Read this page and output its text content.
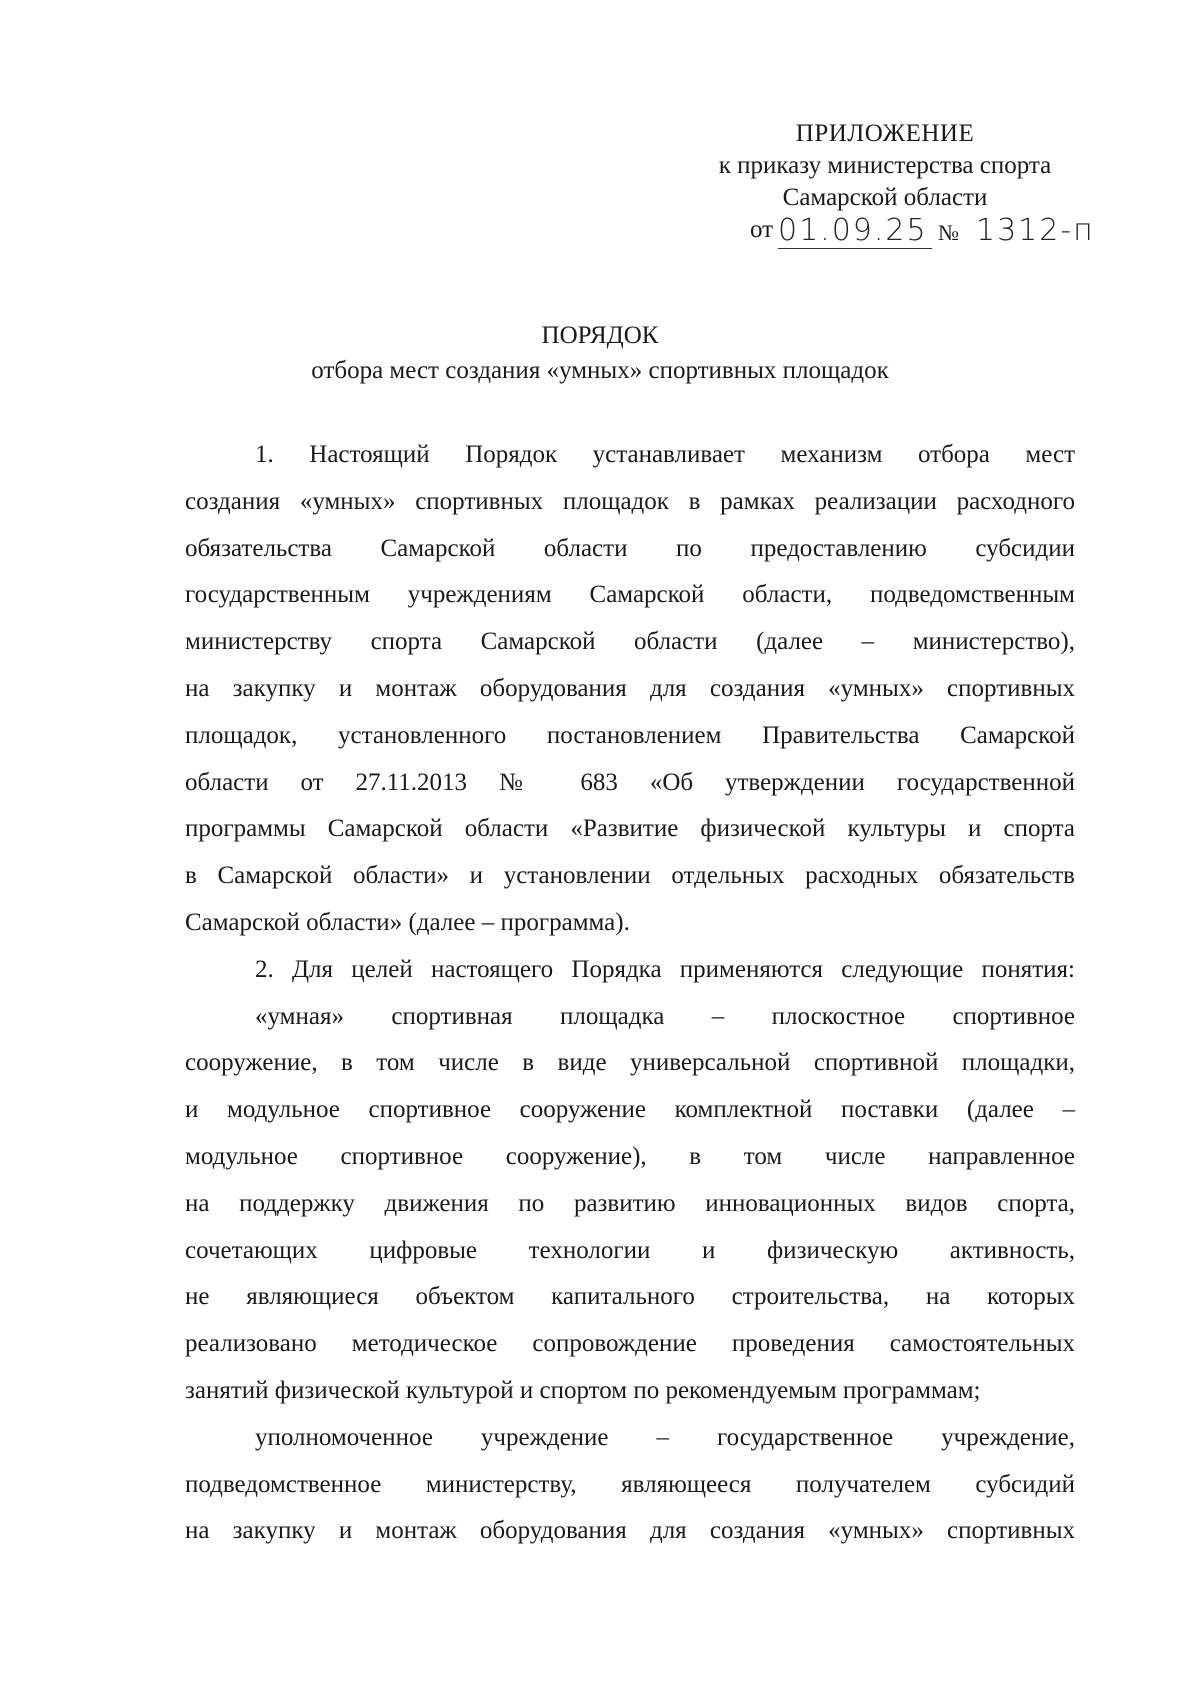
ПРИЛОЖЕНИЕ
к приказу министерства спорта
Самарской области
от 01.09.25 № 1312-п
ПОРЯДОК
отбора мест создания «умных» спортивных площадок
1. Настоящий Порядок устанавливает механизм отбора мест
создания «умных» спортивных площадок в рамках реализации расходного
обязательства Самарской области по предоставлению субсидии
государственным учреждениям Самарской области, подведомственным
министерству спорта Самарской области (далее – министерство),
на закупку и монтаж оборудования для создания «умных» спортивных
площадок, установленного постановлением Правительства Самарской
области от 27.11.2013 № 683 «Об утверждении государственной
программы Самарской области «Развитие физической культуры и спорта
в Самарской области» и установлении отдельных расходных обязательств
Самарской области» (далее – программа).
2. Для целей настоящего Порядка применяются следующие понятия:
«умная» спортивная площадка – плоскостное спортивное
сооружение, в том числе в виде универсальной спортивной площадки,
и модульное спортивное сооружение комплектной поставки (далее –
модульное спортивное сооружение), в том числе направленное
на поддержку движения по развитию инновационных видов спорта,
сочетающих цифровые технологии и физическую активность,
не являющиеся объектом капитального строительства, на которых
реализовано методическое сопровождение проведения самостоятельных
занятий физической культурой и спортом по рекомендуемым программам;
уполномоченное учреждение – государственное учреждение,
подведомственное министерству, являющееся получателем субсидий
на закупку и монтаж оборудования для создания «умных» спортивных
